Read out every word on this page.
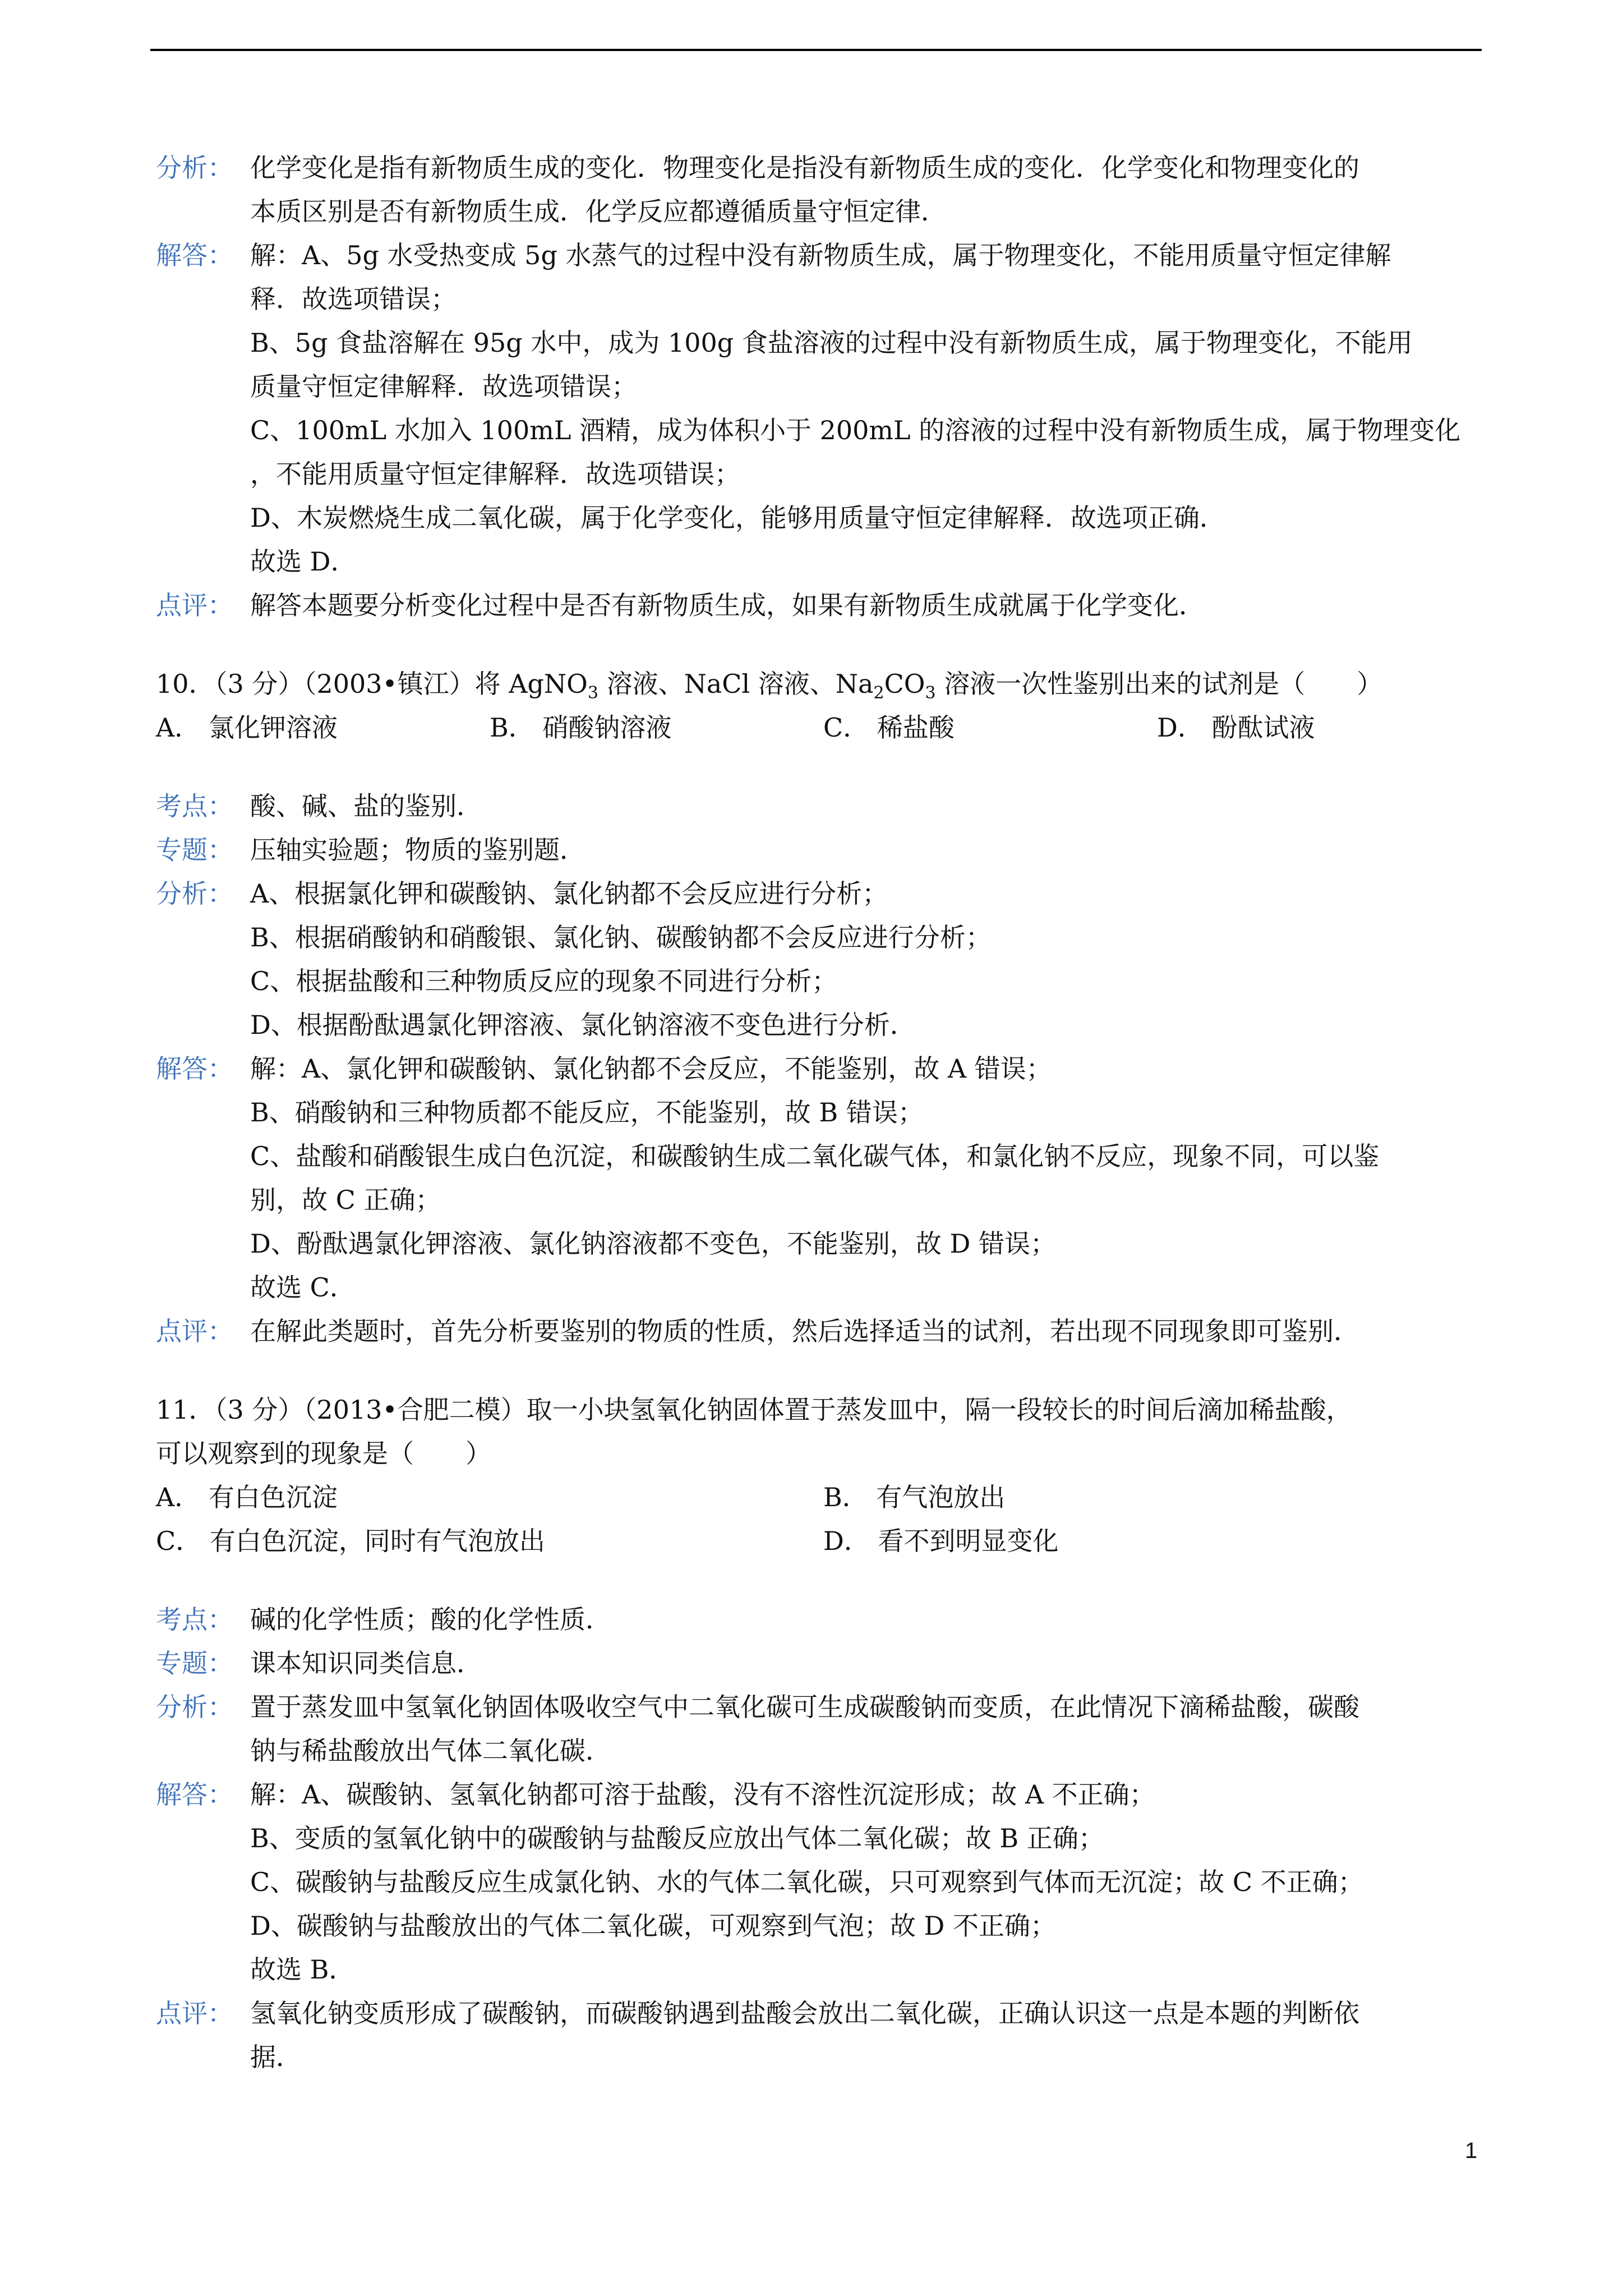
分析： 化学变化是指有新物质生成的变化．物理变化是指没有新物质生成的变化．化学变化和物理变化的
本质区别是否有新物质生成．化学反应都遵循质量守恒定律．
解答： 解：A、5g 水受热变成 5g 水蒸气的过程中没有新物质生成，属于物理变化，不能用质量守恒定律解
释．故选项错误；
B、5g 食盐溶解在 95g 水中，成为 100g 食盐溶液的过程中没有新物质生成，属于物理变化，不能用
质量守恒定律解释．故选项错误；
C、100mL 水加入 100mL 酒精，成为体积小于 200mL 的溶液的过程中没有新物质生成，属于物理变化
，不能用质量守恒定律解释．故选项错误；
D、木炭燃烧生成二氧化碳，属于化学变化，能够用质量守恒定律解释．故选项正确．
故选 D．
点评： 解答本题要分析变化过程中是否有新物质生成，如果有新物质生成就属于化学变化．
10．（3 分）（2003•镇江）将 AgNO$_3$ 溶液、NaCl 溶液、$Na_2CO_3$ 溶液一次性鉴别出来的试剂是（　　）
A． 氯化钾溶液	B． 硝酸钠溶液	C． 稀盐酸	D． 酚酞试液
考点： 酸、碱、盐的鉴别．
专题： 压轴实验题；物质的鉴别题．
分析： A、根据氯化钾和碳酸钠、氯化钠都不会反应进行分析；
B、根据硝酸钠和硝酸银、氯化钠、碳酸钠都不会反应进行分析；
C、根据盐酸和三种物质反应的现象不同进行分析；
D、根据酚酞遇氯化钾溶液、氯化钠溶液不变色进行分析．
解答： 解：A、氯化钾和碳酸钠、氯化钠都不会反应，不能鉴别，故 A 错误；
B、硝酸钠和三种物质都不能反应，不能鉴别，故 B 错误；
C、盐酸和硝酸银生成白色沉淀，和碳酸钠生成二氧化碳气体，和氯化钠不反应，现象不同，可以鉴
别，故 C 正确；
D、酚酞遇氯化钾溶液、氯化钠溶液都不变色，不能鉴别，故 D 错误；
故选 C．
点评： 在解此类题时，首先分析要鉴别的物质的性质，然后选择适当的试剂，若出现不同现象即可鉴别．
11．（3 分）（2013•合肥二模）取一小块氢氧化钠固体置于蒸发皿中，隔一段较长的时间后滴加稀盐酸，
可以观察到的现象是（　　）
A． 有白色沉淀	B． 有气泡放出
C． 有白色沉淀，同时有气泡放出	D． 看不到明显变化
考点： 碱的化学性质；酸的化学性质．
专题： 课本知识同类信息．
分析： 置于蒸发皿中氢氧化钠固体吸收空气中二氧化碳可生成碳酸钠而变质，在此情况下滴稀盐酸，碳酸
钠与稀盐酸放出气体二氧化碳．
解答： 解：A、碳酸钠、氢氧化钠都可溶于盐酸，没有不溶性沉淀形成；故 A 不正确；
B、变质的氢氧化钠中的碳酸钠与盐酸反应放出气体二氧化碳；故 B 正确；
C、碳酸钠与盐酸反应生成氯化钠、水的气体二氧化碳，只可观察到气体而无沉淀；故 C 不正确；
D、碳酸钠与盐酸放出的气体二氧化碳，可观察到气泡；故 D 不正确；
故选 B．
点评： 氢氧化钠变质形成了碳酸钠，而碳酸钠遇到盐酸会放出二氧化碳，正确认识这一点是本题的判断依
据．
1
